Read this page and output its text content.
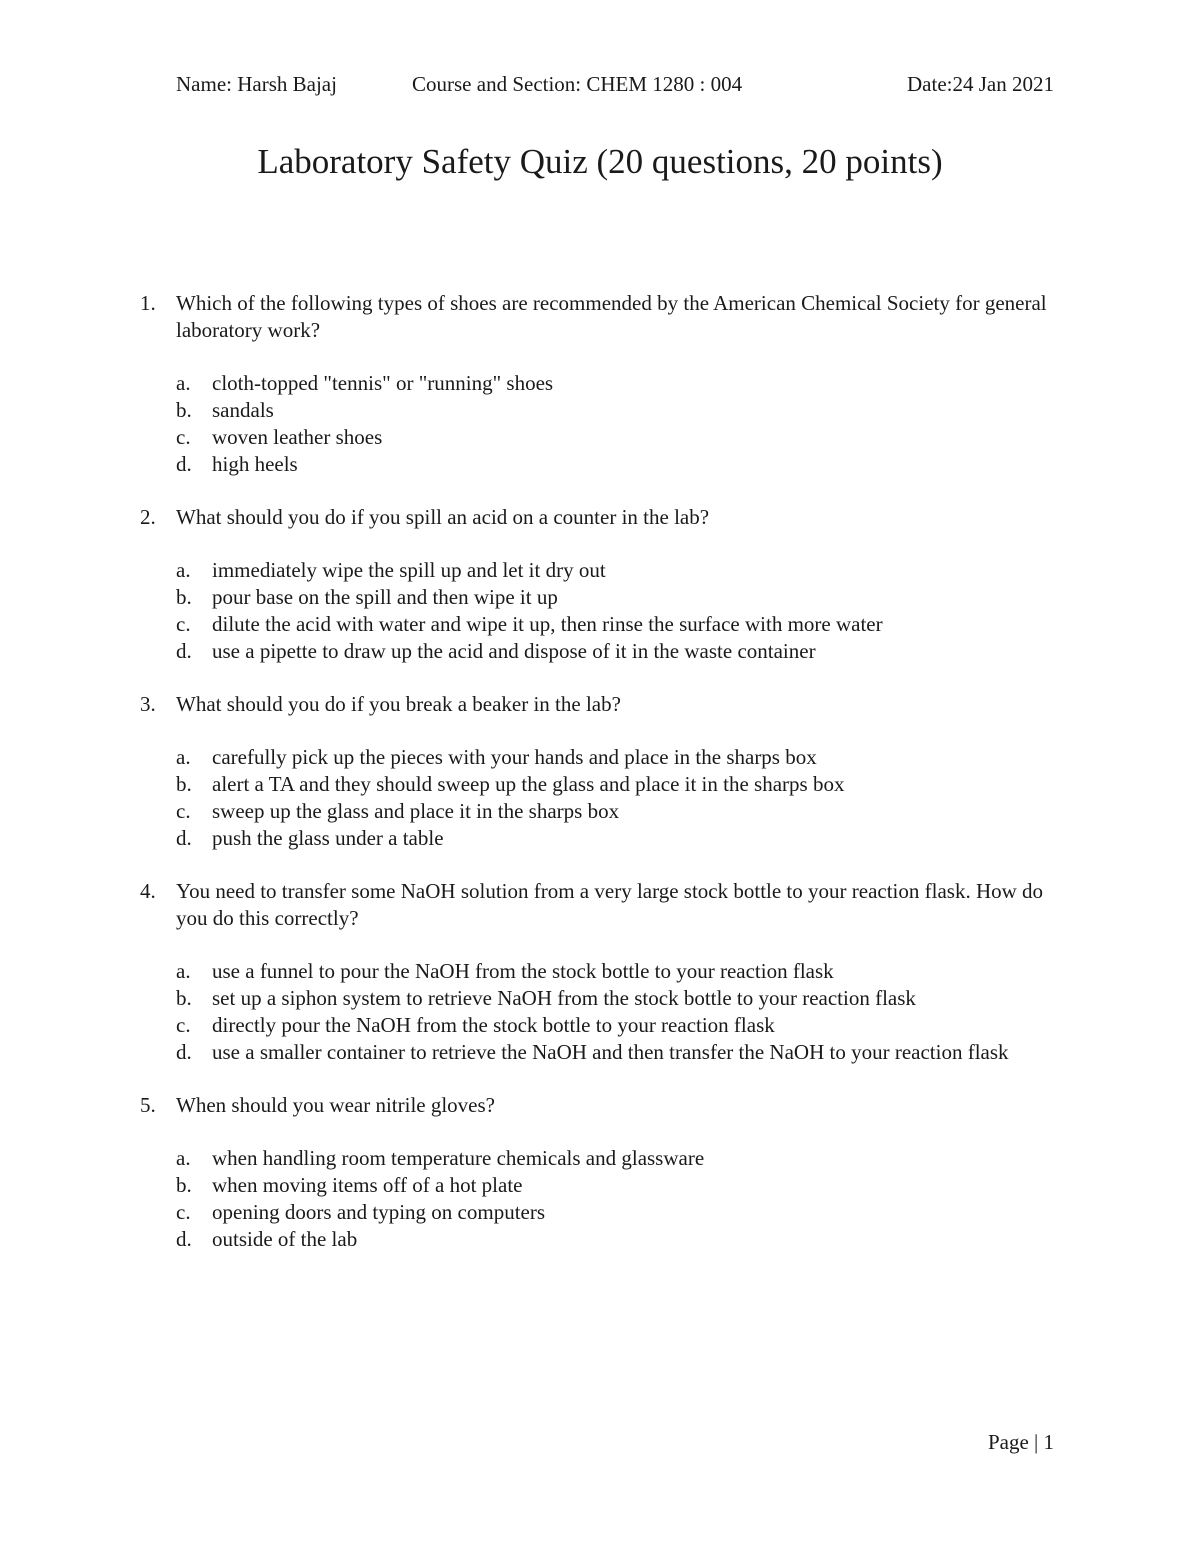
Name: Harsh Bajaj	Course and Section: CHEM 1280 : 004	Date:24 Jan 2021
Laboratory Safety Quiz (20 questions, 20 points)
1. Which of the following types of shoes are recommended by the American Chemical Society for general laboratory work?
a. cloth-topped "tennis" or "running" shoes
b. sandals
c. woven leather shoes
d. high heels
2. What should you do if you spill an acid on a counter in the lab?
a. immediately wipe the spill up and let it dry out
b. pour base on the spill and then wipe it up
c. dilute the acid with water and wipe it up, then rinse the surface with more water
d. use a pipette to draw up the acid and dispose of it in the waste container
3. What should you do if you break a beaker in the lab?
a. carefully pick up the pieces with your hands and place in the sharps box
b. alert a TA and they should sweep up the glass and place it in the sharps box
c. sweep up the glass and place it in the sharps box
d. push the glass under a table
4. You need to transfer some NaOH solution from a very large stock bottle to your reaction flask. How do you do this correctly?
a. use a funnel to pour the NaOH from the stock bottle to your reaction flask
b. set up a siphon system to retrieve NaOH from the stock bottle to your reaction flask
c. directly pour the NaOH from the stock bottle to your reaction flask
d. use a smaller container to retrieve the NaOH and then transfer the NaOH to your reaction flask
5. When should you wear nitrile gloves?
a. when handling room temperature chemicals and glassware
b. when moving items off of a hot plate
c. opening doors and typing on computers
d. outside of the lab
Page | 1
